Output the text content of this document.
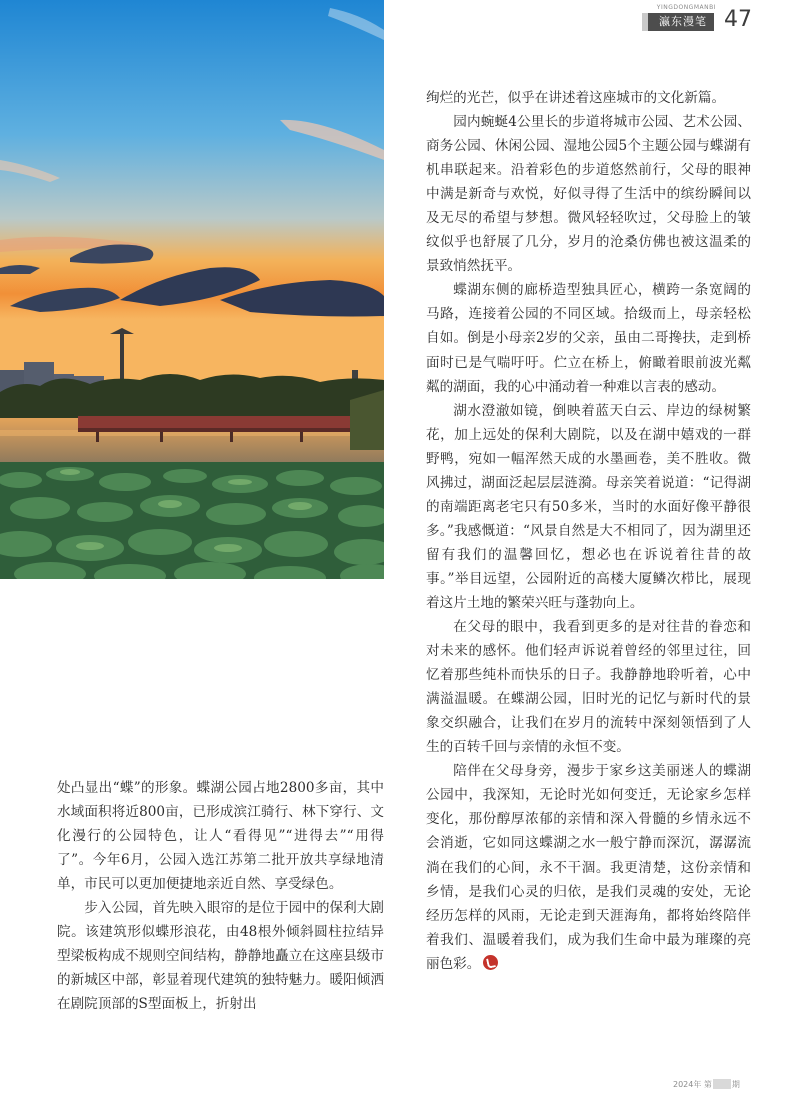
YINGDONGMANBI
瀛东漫笔 47

处凸显出“蝶”的形象。蝶湖公园占地2800多亩，其中水域面积将近800亩，已形成滨江骑行、林下穿行、文化漫行的公园特色，让人“看得见”“进得去”“用得了”。今年6月，公园入选江苏第二批开放共享绿地清单，市民可以更加便捷地亲近自然、享受绿色。

步入公园，首先映入眼帘的是位于园中的保利大剧院。该建筑形似蝶形浪花，由48根外倾斜圆柱拉结异型梁板构成不规则空间结构，静静地矗立在这座县级市的新城区中部，彰显着现代建筑的独特魅力。暖阳倾洒在剧院顶部的S型面板上，折射出

绚烂的光芒，似乎在讲述着这座城市的文化新篇。

园内蜿蜒4公里长的步道将城市公园、艺术公园、商务公园、休闲公园、湿地公园5个主题公园与蝶湖有机串联起来。沿着彩色的步道悠然前行，父母的眼神中满是新奇与欢悦，好似寻得了生活中的缤纷瞬间以及无尽的希望与梦想。微风轻轻吹过，父母脸上的皱纹似乎也舒展了几分，岁月的沧桑仿佛也被这温柔的景致悄然抚平。

蝶湖东侧的廊桥造型独具匠心，横跨一条宽阔的马路，连接着公园的不同区域。拾级而上，母亲轻松自如。倒是小母亲2岁的父亲，虽由二哥搀扶，走到桥面时已是气喘吁吁。伫立在桥上，俯瞰着眼前波光粼粼的湖面，我的心中涌动着一种难以言表的感动。

湖水澄澈如镜，倒映着蓝天白云、岸边的绿树繁花，加上远处的保利大剧院，以及在湖中嬉戏的一群野鸭，宛如一幅浑然天成的水墨画卷，美不胜收。微风拂过，湖面泛起层层涟漪。母亲笑着说道：“记得湖的南端距离老宅只有50多米，当时的水面好像平静很多。”我感慨道：“风景自然是大不相同了，因为湖里还留有我们的温馨回忆，想必也在诉说着往昔的故事。”举目远望，公园附近的高楼大厦鳞次栉比，展现着这片土地的繁荣兴旺与蓬勃向上。

在父母的眼中，我看到更多的是对往昔的眷恋和对未来的感怀。他们轻声诉说着曾经的邻里过往，回忆着那些纯朴而快乐的日子。我静静地聆听着，心中满溢温暖。在蝶湖公园，旧时光的记忆与新时代的景象交织融合，让我们在岁月的流转中深刻领悟到了人生的百转千回与亲情的永恒不变。

陪伴在父母身旁，漫步于家乡这美丽迷人的蝶湖公园中，我深知，无论时光如何变迁，无论家乡怎样变化，那份醇厚浓郁的亲情和深入骨髓的乡情永远不会消逝，它如同这蝶湖之水一般宁静而深沉，潺潺流淌在我们的心间，永不干涸。我更清楚，这份亲情和乡情，是我们心灵的归依，是我们灵魂的安处，无论经历怎样的风雨，无论走到天涯海角，都将始终陪伴着我们、温暖着我们，成为我们生命中最为璀璨的亮丽色彩。

2024年 第	期
